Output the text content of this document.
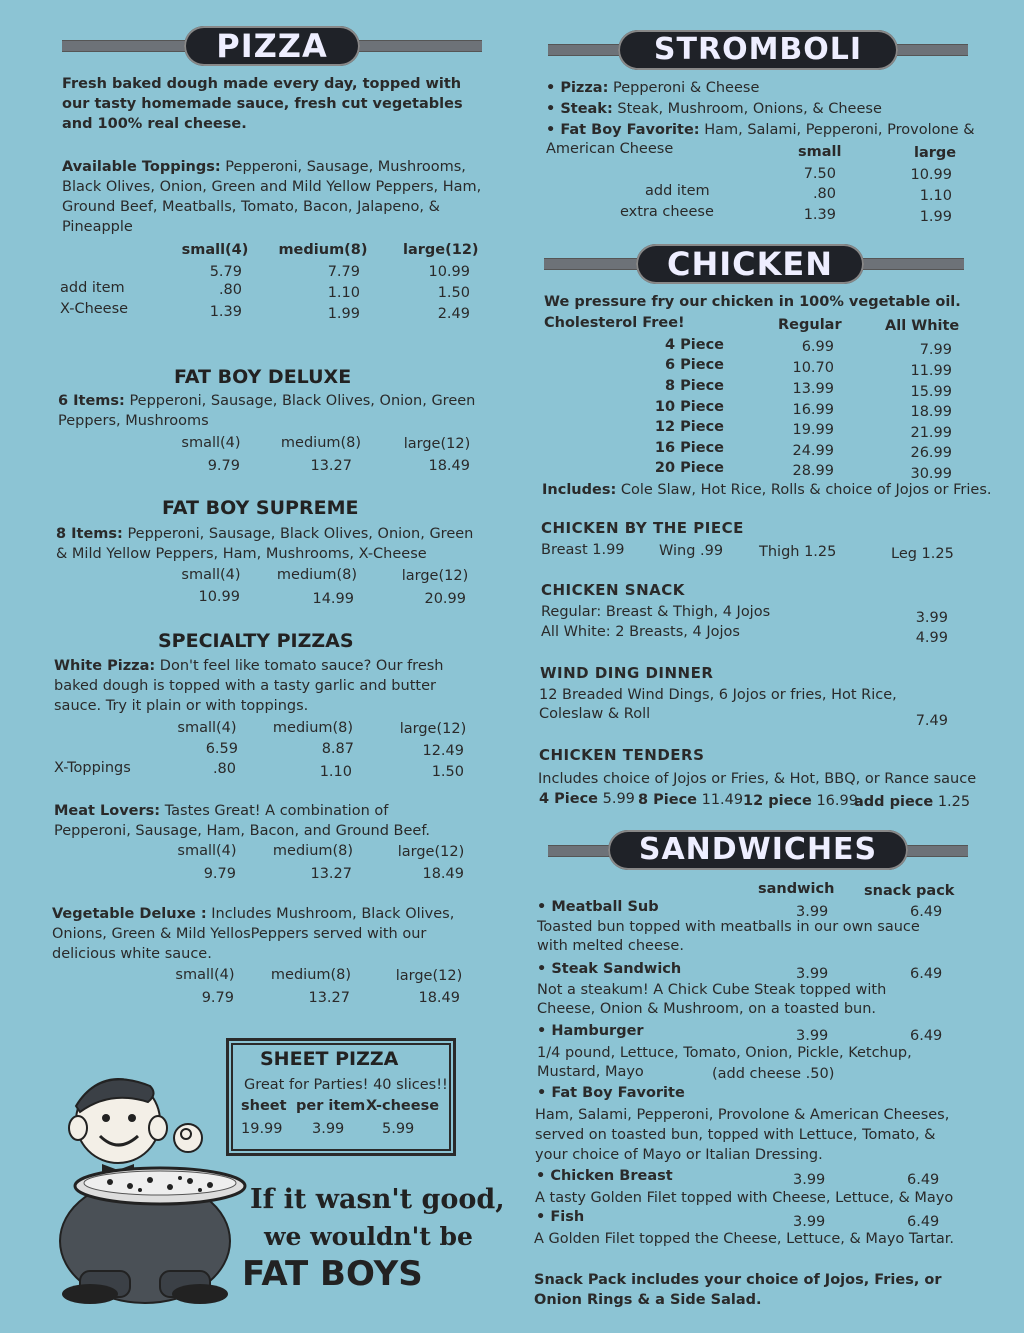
PIZZA
Fresh baked dough made every day, topped with our tasty homemade sauce, fresh cut vegetables and 100% real cheese.
Available Toppings: Pepperoni, Sausage, Mushrooms, Black Olives, Onion, Green and Mild Yellow Peppers, Ham, Ground Beef, Meatballs, Tomato, Bacon, Jalapeno, & Pineapple
small(4) medium(8) large(12)
5.79	7.79	10.99
add item	.80	1.10	1.50
X-Cheese	1.39	1.99	2.49
FAT BOY DELUXE
6 Items: Pepperoni, Sausage, Black Olives, Onion, Green Peppers, Mushrooms
small(4)	medium(8)	large(12)
9.79	13.27	18.49
FAT BOY SUPREME
8 Items: Pepperoni, Sausage, Black Olives, Onion, Green & Mild Yellow Peppers, Ham, Mushrooms, X-Cheese
small(4)	medium(8)	large(12)
10.99	14.99	20.99
SPECIALTY PIZZAS
White Pizza: Don't feel like tomato sauce? Our fresh baked dough is topped with a tasty garlic and butter sauce. Try it plain or with toppings.
small(4)	medium(8)	large(12)
6.59	8.87	12.49
X-Toppings	.80	1.10	1.50
Meat Lovers: Tastes Great! A combination of Pepperoni, Sausage, Ham, Bacon, and Ground Beef.
small(4)	medium(8)	large(12)
9.79	13.27	18.49
Vegetable Deluxe : Includes Mushroom, Black Olives, Onions, Green & Mild YellosPeppers served with our delicious white sauce.
small(4)	medium(8)	large(12)
9.79	13.27	18.49
SHEET PIZZA
Great for Parties! 40 slices!!
sheet per item X-cheese
19.99 3.99	5.99
If it wasn't good,
we wouldn't be
FAT BOYS
STROMBOLI
• Pizza: Pepperoni & Cheese
• Steak: Steak, Mushroom, Onions, & Cheese
• Fat Boy Favorite: Ham, Salami, Pepperoni, Provolone &
American Cheese	small	large
7.50	10.99
add item	.80	1.10
extra cheese	1.39	1.99
CHICKEN
We pressure fry our chicken in 100% vegetable oil.
Cholesterol Free!	Regular	All White
4 Piece	6.99	7.99
6 Piece	10.70	11.99
8 Piece	13.99	15.99
10 Piece	16.99	18.99
12 Piece	19.99	21.99
16 Piece	24.99	26.99
20 Piece	28.99	30.99
Includes: Cole Slaw, Hot Rice, Rolls & choice of Jojos or Fries.
CHICKEN BY THE PIECE
Breast 1.99 Wing .99 Thigh 1.25	Leg 1.25
CHICKEN SNACK
Regular: Breast & Thigh, 4 Jojos	3.99
All White: 2 Breasts, 4 Jojos	4.99
WIND DING DINNER
12 Breaded Wind Dings, 6 Jojos or fries, Hot Rice,
Coleslaw & Roll	7.49
CHICKEN TENDERS
Includes choice of Jojos or Fries, & Hot, BBQ, or Rance sauce
4 Piece 5.99 8 Piece 11.49 12 piece 16.99
add piece 1.25
SANDWICHES
sandwich snack pack
• Meatball Sub	3.99	6.49
Toasted bun topped with meatballs in our own sauce with melted cheese.
• Steak Sandwich	3.99	6.49
Not a steakum! A Chick Cube Steak topped with Cheese, Onion & Mushroom, on a toasted bun.
• Hamburger	3.99	6.49
1/4 pound, Lettuce, Tomato, Onion, Pickle, Ketchup,
Mustard, Mayo	(add cheese .50)
• Fat Boy Favorite
Ham, Salami, Pepperoni, Provolone & American Cheeses, served on toasted bun, topped with Lettuce, Tomato, & your choice of Mayo or Italian Dressing.
• Chicken Breast	3.99	6.49
A tasty Golden Filet topped with Cheese, Lettuce, & Mayo
• Fish	3.99	6.49
A Golden Filet topped the Cheese, Lettuce, & Mayo Tartar.
Snack Pack includes your choice of Jojos, Fries, or Onion Rings & a Side Salad.
